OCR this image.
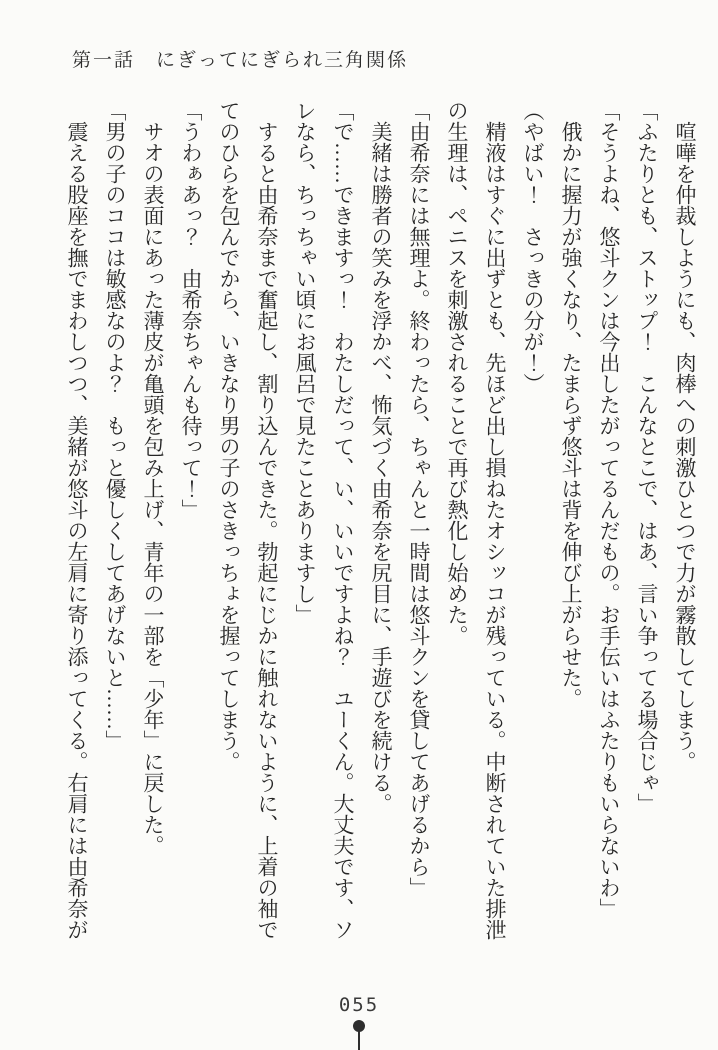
第一話　にぎってにぎられ三角関係

　喧嘩を仲裁しようにも、肉棒への刺激ひとつで力が霧散してしまう。

「ふたりとも、ストップ！　こんなとこで、はあ、言い争ってる場合じゃ」

「そうよね、悠斗クンは今出したがってるんだもの。お手伝いはふたりもいらないわ」

　俄かに握力が強くなり、たまらず悠斗は背を伸び上がらせた。

（やばい！　さっきの分が！）

　精液はすぐに出ずとも、先ほど出し損ねたオシッコが残っている。中断されていた排泄の生理は、ペニスを刺激されることで再び熱化し始めた。

「由希奈には無理よ。終わったら、ちゃんと一時間は悠斗クンを貸してあげるから」

　美緒は勝者の笑みを浮かべ、怖気づく由希奈を尻目に、手遊びを続ける。

「で……できますっ！　わたしだって、い、いいですよね？　ユーくん。大丈夫です、ソレなら、ちっちゃい頃にお風呂で見たことありますし」

　すると由希奈まで奮起し、割り込んできた。勃起にじかに触れないように、上着の袖でてのひらを包んでから、いきなり男の子のさきっちょを握ってしまう。

「うわぁあっ？　由希奈ちゃんも待って！」

　サオの表面にあった薄皮が亀頭を包み上げ、青年の一部を「少年」に戻した。

「男の子のココは敏感なのよ？　もっと優しくしてあげないと……」

　震える股座を撫でまわしつつ、美緒が悠斗の左肩に寄り添ってくる。右肩には由希奈が

055
